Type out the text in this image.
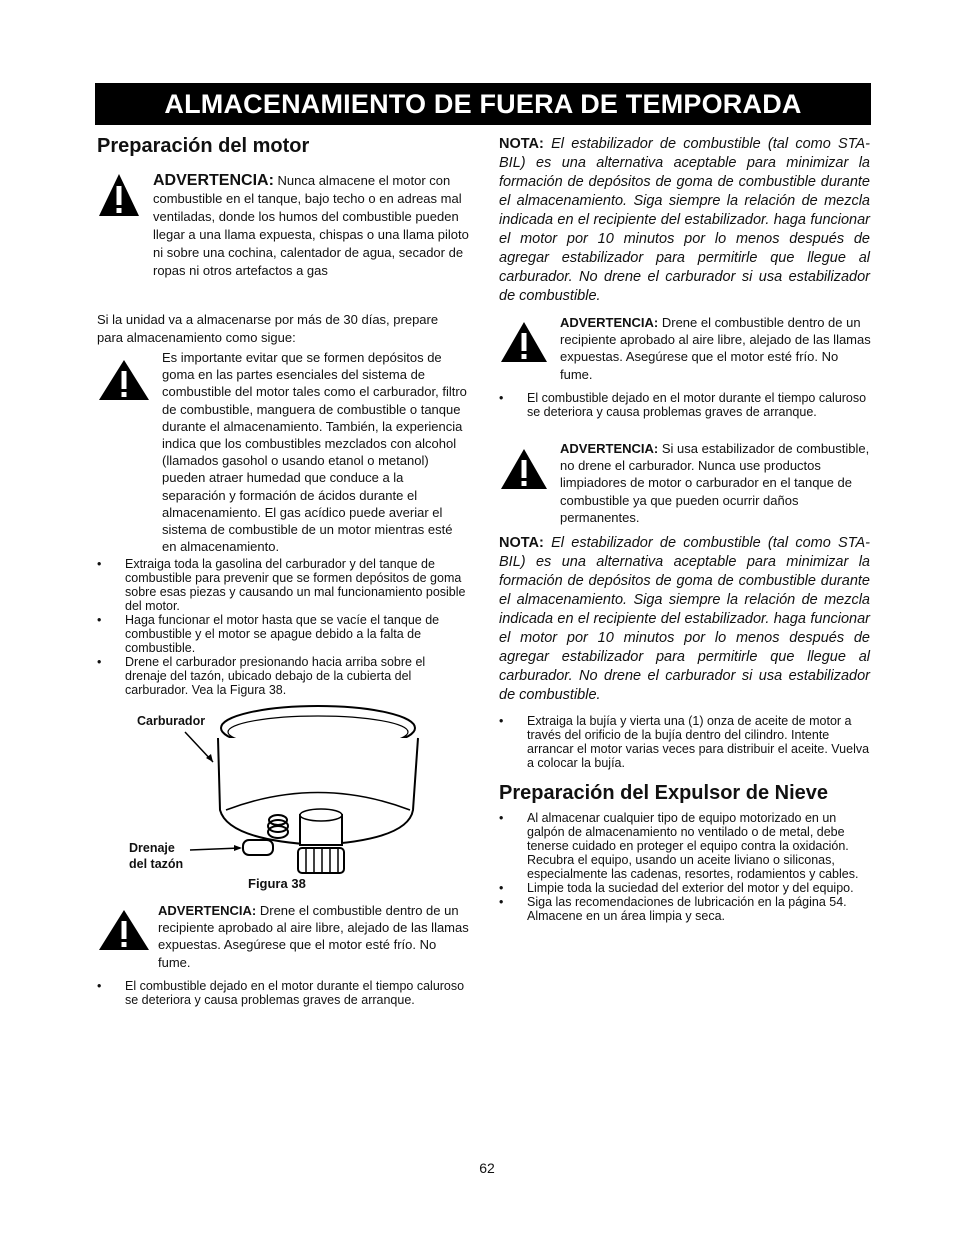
ALMACENAMIENTO DE FUERA DE TEMPORADA
Preparación del motor
ADVERTENCIA: Nunca almacene el motor con combustible en el tanque, bajo techo o en adreas mal ventiladas, donde los humos del combustible pueden llegar a una llama expuesta, chispas o una llama piloto ni sobre una cochina, calentador de agua, secador de ropas ni otros artefactos a gas
Si la unidad va a almacenarse por más de 30 días, prepare para almacenamiento como sigue:
Es importante evitar que se formen depósitos de goma en las partes esenciales del sistema de combustible del motor tales como el carburador, filtro de combustible, manguera de combustible o tanque durante el almacenamiento. También, la experiencia indica que los combustibles mezclados con alcohol (llamados gasohol o usando etanol o metanol) pueden atraer humedad que conduce a la separación y formación de ácidos durante el almacenamiento. El gas acídico puede averiar el sistema de combustible de un motor mientras esté en almacenamiento.
• Extraiga toda la gasolina del carburador y del tanque de combustible para prevenir que se formen depósitos de goma sobre esas piezas y causando un mal funcionamiento posible del motor.
• Haga funcionar el motor hasta que se vacíe el tanque de combustible y el motor se apague debido a la falta de combustible.
• Drene el carburador presionando hacia arriba sobre el drenaje del tazón, ubicado debajo de la cubierta del carburador. Vea la Figura 38.
Carburador
Drenaje
del tazón
Figura 38
ADVERTENCIA: Drene el combustible dentro de un recipiente aprobado al aire libre, alejado de las llamas expuestas. Asegúrese que el motor esté frío. No fume.
• El combustible dejado en el motor durante el tiempo caluroso se deteriora y causa problemas graves de arranque.
NOTA: El estabilizador de combustible (tal como STA-BIL) es una alternativa aceptable para minimizar la formación de depósitos de goma de combustible durante el almacenamiento. Siga siempre la relación de mezcla indicada en el recipiente del estabilizador. haga funcionar el motor por 10 minutos por lo menos después de agregar estabilizador para permitirle que llegue al carburador. No drene el carburador si usa estabilizador de combustible.
ADVERTENCIA: Drene el combustible dentro de un recipiente aprobado al aire libre, alejado de las llamas expuestas. Asegúrese que el motor esté frío. No fume.
• El combustible dejado en el motor durante el tiempo caluroso se deteriora y causa problemas graves de arranque.
ADVERTENCIA: Si usa estabilizador de combustible, no drene el carburador. Nunca use productos limpiadores de motor o carburador en el tanque de combustible ya que pueden ocurrir daños permanentes.
NOTA: El estabilizador de combustible (tal como STA-BIL) es una alternativa aceptable para minimizar la formación de depósitos de goma de combustible durante el almacenamiento. Siga siempre la relación de mezcla indicada en el recipiente del estabilizador. haga funcionar el motor por 10 minutos por lo menos después de agregar estabilizador para permitirle que llegue al carburador. No drene el carburador si usa estabilizador de combustible.
• Extraiga la bujía y vierta una (1) onza de aceite de motor a través del orificio de la bujía dentro del cilindro. Intente arrancar el motor varias veces para distribuir el aceite. Vuelva a colocar la bujía.
Preparación del Expulsor de Nieve
• Al almacenar cualquier tipo de equipo motorizado en un galpón de almacenamiento no ventilado o de metal, debe tenerse cuidado en proteger el equipo contra la oxidación. Recubra el equipo, usando un aceite liviano o siliconas, especialmente las cadenas, resortes, rodamientos y cables.
• Limpie toda la suciedad del exterior del motor y del equipo.
• Siga las recomendaciones de lubricación en la página 54. Almacene en un área limpia y seca.
62
